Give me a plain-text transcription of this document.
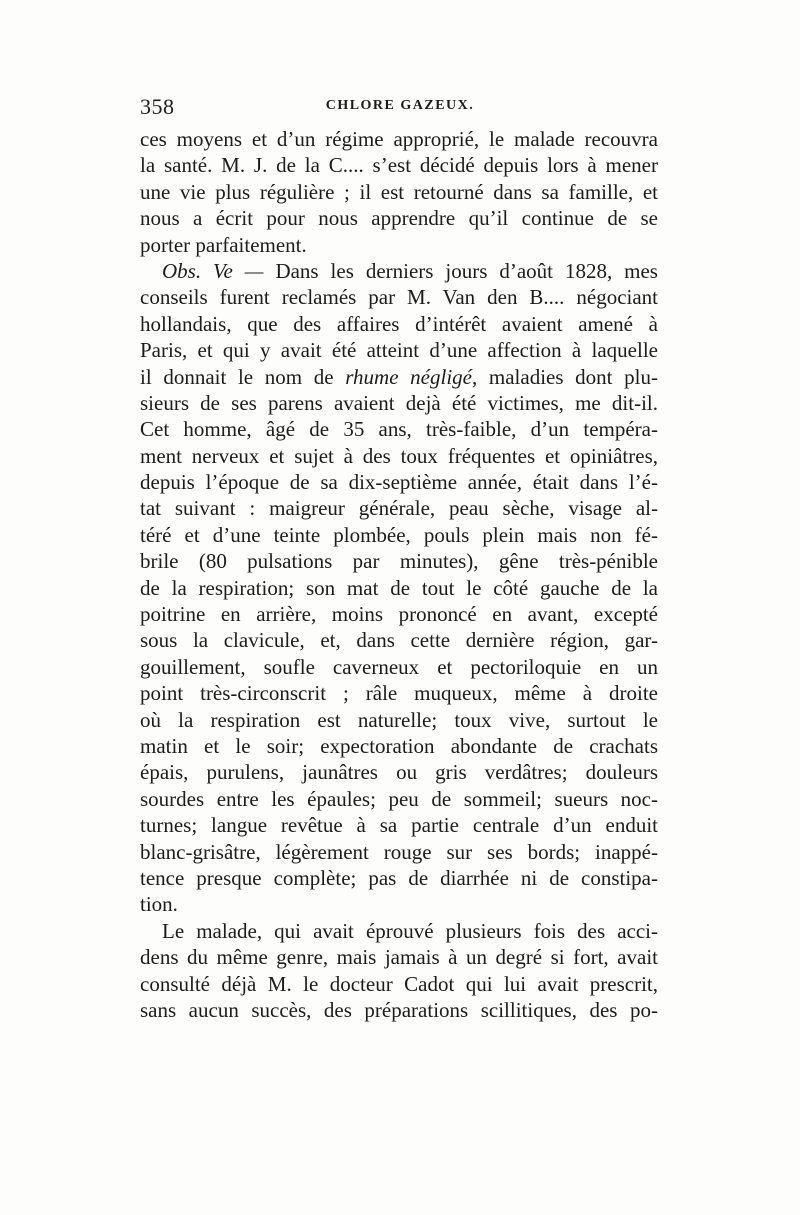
358	CHLORE GAZEUX.
ces moyens et d’un régime approprié, le malade recouvra
la santé. M. J. de la C.... s’est décidé depuis lors à mener
une vie plus régulière ; il est retourné dans sa famille, et
nous a écrit pour nous apprendre qu’il continue de se
porter parfaitement.
Obs. Ve — Dans les derniers jours d’août 1828, mes
conseils furent reclamés par M. Van den B.... négociant
hollandais, que des affaires d’intérêt avaient amené à
Paris, et qui y avait été atteint d’une affection à laquelle
il donnait le nom de rhume négligé, maladies dont plu-
sieurs de ses parens avaient dejà été victimes, me dit-il.
Cet homme, âgé de 35 ans, très-faible, d’un tempéra-
ment nerveux et sujet à des toux fréquentes et opiniâtres,
depuis l’époque de sa dix-septième année, était dans l’é-
tat suivant : maigreur générale, peau sèche, visage al-
téré et d’une teinte plombée, pouls plein mais non fé-
brile (80 pulsations par minutes), gêne très-pénible
de la respiration; son mat de tout le côté gauche de la
poitrine en arrière, moins prononcé en avant, excepté
sous la clavicule, et, dans cette dernière région, gar-
gouillement, soufle caverneux et pectoriloquie en un
point très-circonscrit ; râle muqueux, même à droite
où la respiration est naturelle; toux vive, surtout le
matin et le soir; expectoration abondante de crachats
épais, purulens, jaunâtres ou gris verdâtres; douleurs
sourdes entre les épaules; peu de sommeil; sueurs noc-
turnes; langue revêtue à sa partie centrale d’un enduit
blanc-grisâtre, légèrement rouge sur ses bords; inappé-
tence presque complète; pas de diarrhée ni de constipa-
tion.
Le malade, qui avait éprouvé plusieurs fois des acci-
dens du même genre, mais jamais à un degré si fort, avait
consulté déjà M. le docteur Cadot qui lui avait prescrit,
sans aucun succès, des préparations scillitiques, des po-
